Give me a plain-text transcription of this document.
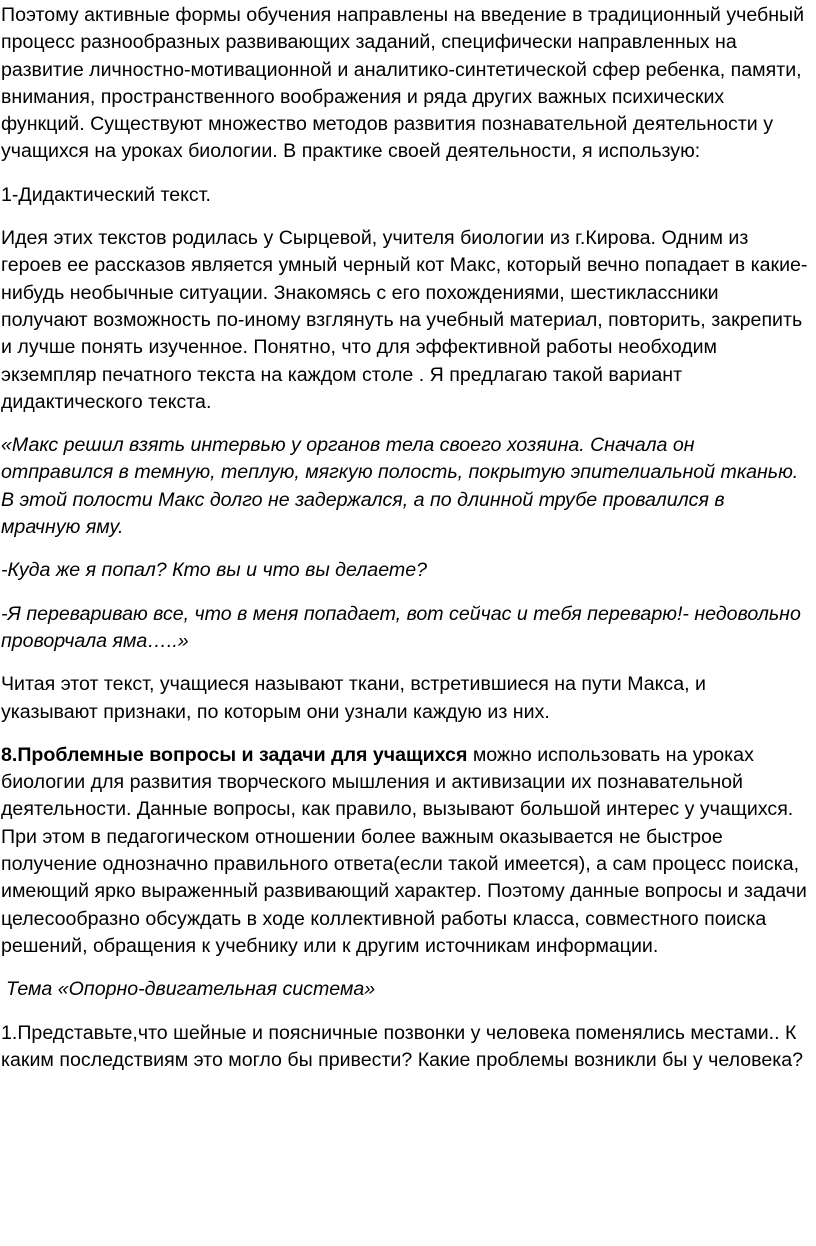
Поэтому активные формы обучения направлены на введение в традиционный учебный процесс разнообразных развивающих заданий, специфически направленных на развитие личностно-мотивационной и аналитико-синтетической сфер ребенка, памяти, внимания, пространственного воображения и ряда других важных психических функций. Существуют множество методов развития познавательной деятельности у учащихся на уроках биологии. В практике своей деятельности, я использую:

1-Дидактический текст.

Идея этих текстов родилась у Сырцевой, учителя биологии из г.Кирова. Одним из героев ее рассказов является умный черный кот Макс, который вечно попадает в какие-нибудь необычные ситуации. Знакомясь с его похождениями, шестиклассники получают возможность по-иному взглянуть на учебный материал, повторить, закрепить и лучше понять изученное. Понятно, что для эффективной работы необходим экземпляр печатного текста на каждом столе . Я предлагаю такой вариант дидактического текста.

«Макс решил взять интервью у органов тела своего хозяина. Сначала он отправился в темную, теплую, мягкую полость, покрытую эпителиальной тканью. В этой полости Макс долго не задержался, а по длинной трубе провалился в мрачную яму.

-Куда же я попал? Кто вы и что вы делаете?

-Я перевариваю все, что в меня попадает, вот сейчас и тебя переварю!- недовольно проворчала яма…..»

Читая этот текст, учащиеся называют ткани, встретившиеся на пути Макса, и указывают признаки, по которым они узнали каждую из них.

8.Проблемные вопросы и задачи для учащихся можно использовать на уроках биологии для развития творческого мышления и активизации их познавательной деятельности. Данные вопросы, как правило, вызывают большой интерес у учащихся. При этом в педагогическом отношении более важным оказывается не быстрое получение однозначно правильного ответа(если такой имеется), а сам процесс поиска, имеющий ярко выраженный развивающий характер. Поэтому данные вопросы и задачи целесообразно обсуждать в ходе коллективной работы класса, совместного поиска решений, обращения к учебнику или к другим источникам информации.

Тема «Опорно-двигательная система»

1.Представьте,что шейные и поясничные позвонки у человека поменялись местами.. К каким последствиям это могло бы привести? Какие проблемы возникли бы у человека?
